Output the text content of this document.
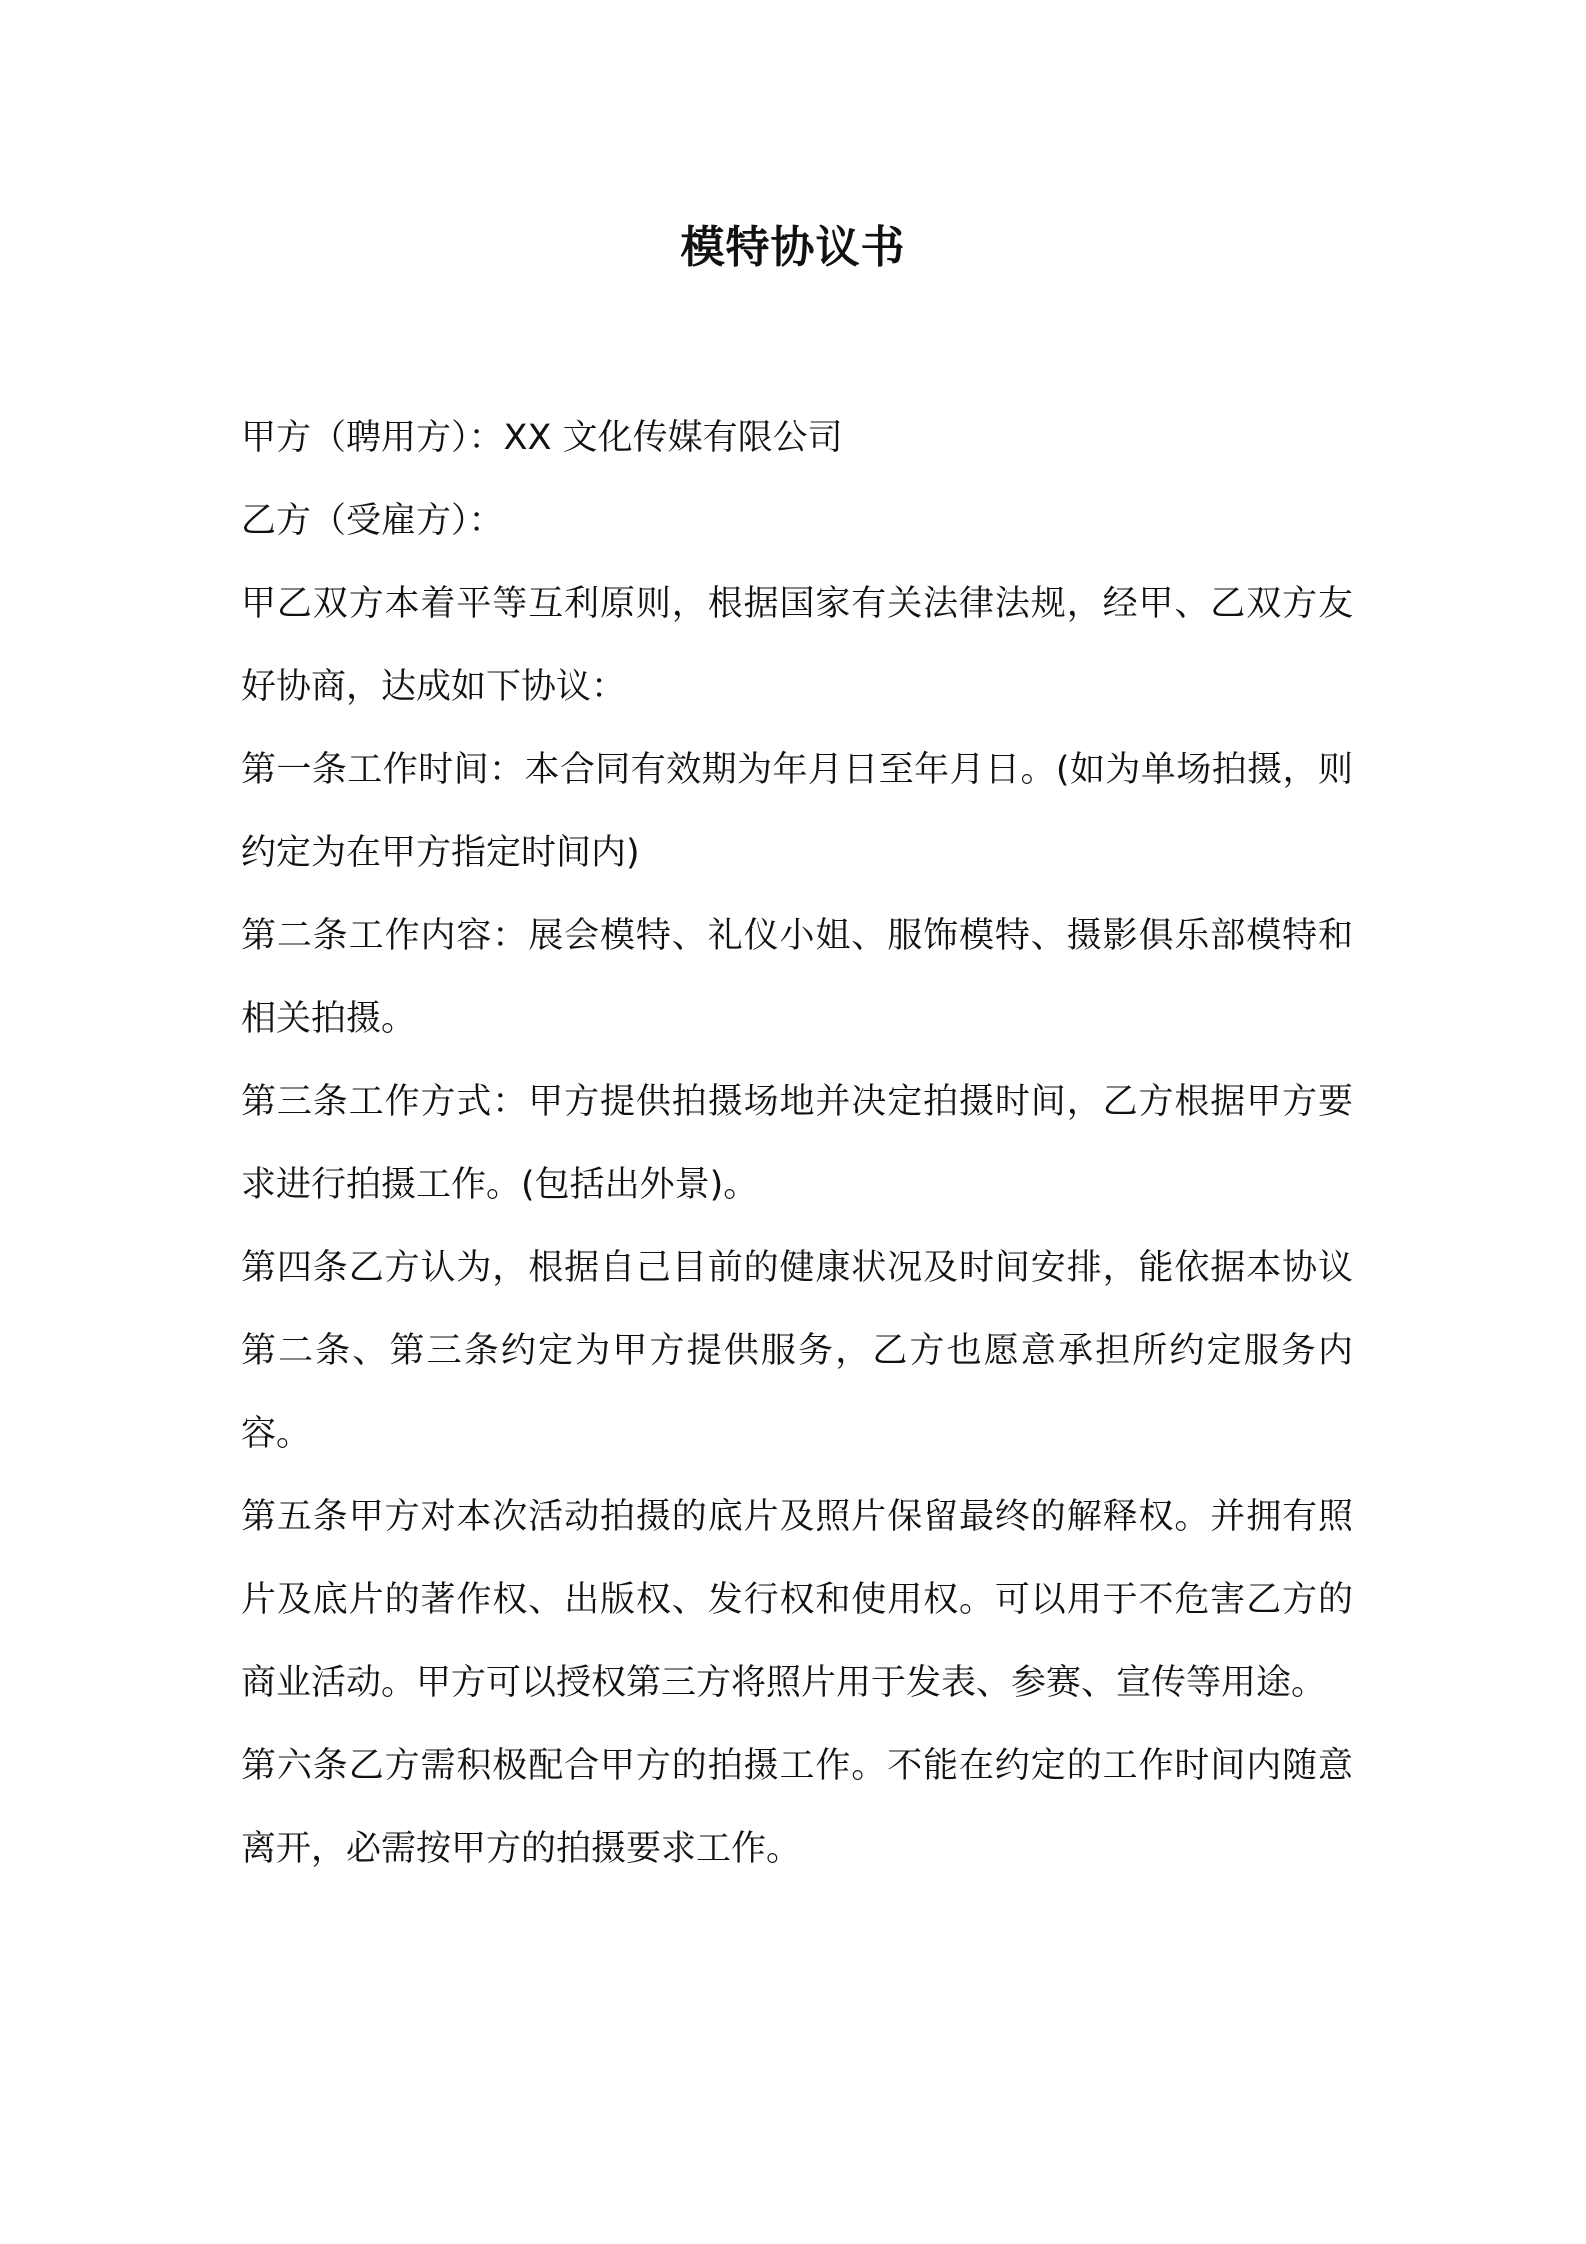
模特协议书

甲方（聘用方）：XX 文化传媒有限公司

乙方（受雇方）：

甲乙双方本着平等互利原则，根据国家有关法律法规，经甲、乙双方友好协商，达成如下协议：

第一条工作时间：本合同有效期为年月日至年月日。(如为单场拍摄，则约定为在甲方指定时间内)

第二条工作内容：展会模特、礼仪小姐、服饰模特、摄影俱乐部模特和相关拍摄。

第三条工作方式：甲方提供拍摄场地并决定拍摄时间，乙方根据甲方要求进行拍摄工作。(包括出外景)。

第四条乙方认为，根据自己目前的健康状况及时间安排，能依据本协议第二条、第三条约定为甲方提供服务，乙方也愿意承担所约定服务内容。

第五条甲方对本次活动拍摄的底片及照片保留最终的解释权。并拥有照片及底片的著作权、出版权、发行权和使用权。可以用于不危害乙方的商业活动。甲方可以授权第三方将照片用于发表、参赛、宣传等用途。

第六条乙方需积极配合甲方的拍摄工作。不能在约定的工作时间内随意离开，必需按甲方的拍摄要求工作。
